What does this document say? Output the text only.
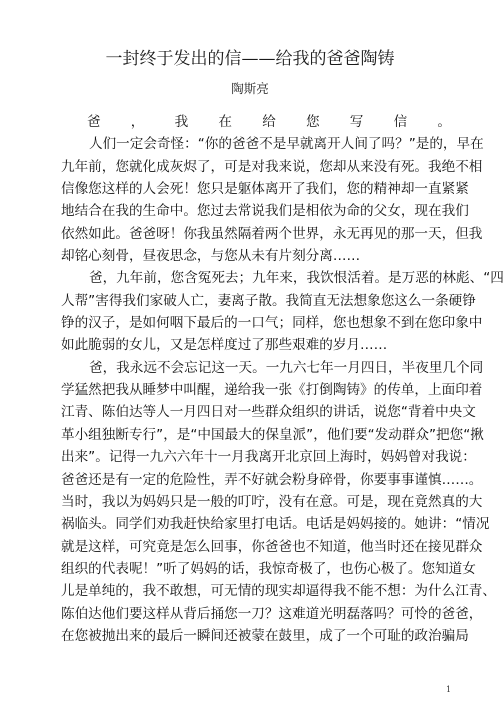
一封终于发出的信——给我的爸爸陶铸
陶斯亮
爸，我在给您写信。
人们一定会奇怪：“你的爸爸不是早就离开人间了吗？”是的，早在
九年前，您就化成灰烬了，可是对我来说，您却从来没有死。我绝不相
信像您这样的人会死！您只是躯体离开了我们，您的精神却一直紧紧
地结合在我的生命中。您过去常说我们是相依为命的父女，现在我们
依然如此。爸爸呀！你我虽然隔着两个世界，永无再见的那一天，但我
却铭心刻骨，昼夜思念，与您从未有片刻分离……
爸，九年前，您含冤死去；九年来，我饮恨活着。是万恶的林彪、“四
人帮”害得我们家破人亡，妻离子散。我简直无法想象您这么一条硬铮
铮的汉子，是如何咽下最后的一口气；同样，您也想象不到在您印象中
如此脆弱的女儿，又是怎样度过了那些艰难的岁月……
爸，我永远不会忘记这一天。一九六七年一月四日，半夜里几个同
学猛然把我从睡梦中叫醒，递给我一张《打倒陶铸》的传单，上面印着
江青、陈伯达等人一月四日对一些群众组织的讲话，说您“背着中央文
革小组独断专行”，是“中国最大的保皇派”，他们要“发动群众”把您“揪
出来”。记得一九六六年十一月我离开北京回上海时，妈妈曾对我说：
爸爸还是有一定的危险性，弄不好就会粉身碎骨，你要事事谨慎……。
当时，我以为妈妈只是一般的叮咛，没有在意。可是，现在竟然真的大
祸临头。同学们劝我赶快给家里打电话。电话是妈妈接的。她讲：“情况
就是这样，可究竟是怎么回事，你爸爸也不知道，他当时还在接见群众
组织的代表呢！”听了妈妈的话，我惊奇极了，也伤心极了。您知道女
儿是单纯的，我不敢想，可无情的现实却逼得我不能不想：为什么江青、
陈伯达他们要这样从背后捅您一刀？这难道光明磊落吗？可怜的爸爸，
在您被抛出来的最后一瞬间还被蒙在鼓里，成了一个可耻的政治骗局
1
